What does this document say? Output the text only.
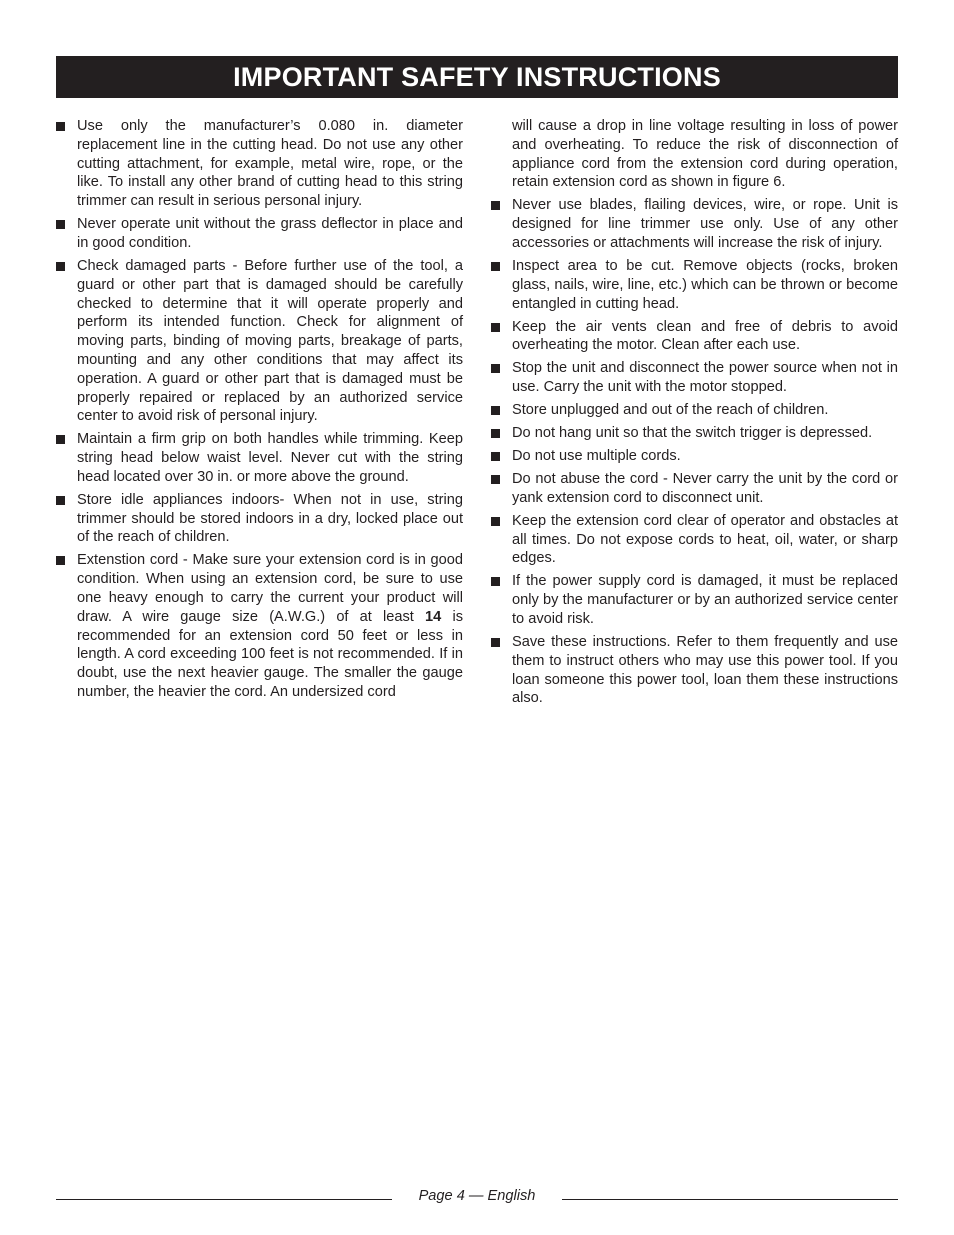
IMPORTANT SAFETY INSTRUCTIONS
Use only the manufacturer’s 0.080 in. diameter replacement line in the cutting head. Do not use any other cutting attachment, for example, metal wire, rope, or the like. To install any other brand of cutting head to this string trimmer can result in serious personal injury.
Never operate unit without the grass deflector in place and in good condition.
Check damaged parts - Before further use of the tool, a guard or other part that is damaged should be carefully checked to determine that it will operate properly and perform its intended function. Check for alignment of moving parts, binding of moving parts, breakage of parts, mounting and any other conditions that may affect its operation. A guard or other part that is damaged must be properly repaired or replaced by an authorized service center to avoid risk of personal injury.
Maintain a firm grip on both handles while trimming. Keep string head below waist level. Never cut with the string head located over 30 in. or more above the ground.
Store idle appliances indoors- When not in use, string trimmer should be stored indoors in a dry, locked place out of the reach of children.
Extenstion cord - Make sure your extension cord is in good condition. When using an extension cord, be sure to use one heavy enough to carry the current your product will draw. A wire gauge size (A.W.G.) of at least 14 is recommended for an extension cord 50 feet or less in length. A cord exceeding 100 feet is not recommended. If in doubt, use the next heavier gauge. The smaller the gauge number, the heavier the cord. An undersized cord
will cause a drop in line voltage resulting in loss of power and overheating. To reduce the risk of disconnection of appliance cord from the extension cord during operation, retain extension cord as shown in figure 6.
Never use blades, flailing devices, wire, or rope. Unit is designed for line trimmer use only. Use of any other accessories or attachments will increase the risk of injury.
Inspect area to be cut. Remove objects (rocks, broken glass, nails, wire, line, etc.) which can be thrown or become entangled in cutting head.
Keep the air vents clean and free of debris to avoid overheating the motor. Clean after each use.
Stop the unit and disconnect the power source when not in use. Carry the unit with the motor stopped.
Store unplugged and out of the reach of children.
Do not hang unit so that the switch trigger is depressed.
Do not use multiple cords.
Do not abuse the cord - Never carry the unit by the cord or yank extension cord to disconnect unit.
Keep the extension cord clear of operator and obstacles at all times. Do not expose cords to heat, oil, water, or sharp edges.
If the power supply cord is damaged, it must be replaced only by the manufacturer or by an authorized service center to avoid risk.
Save these instructions. Refer to them frequently and use them to instruct others who may use this power tool. If you loan someone this power tool, loan them these instructions also.
Page 4 — English
